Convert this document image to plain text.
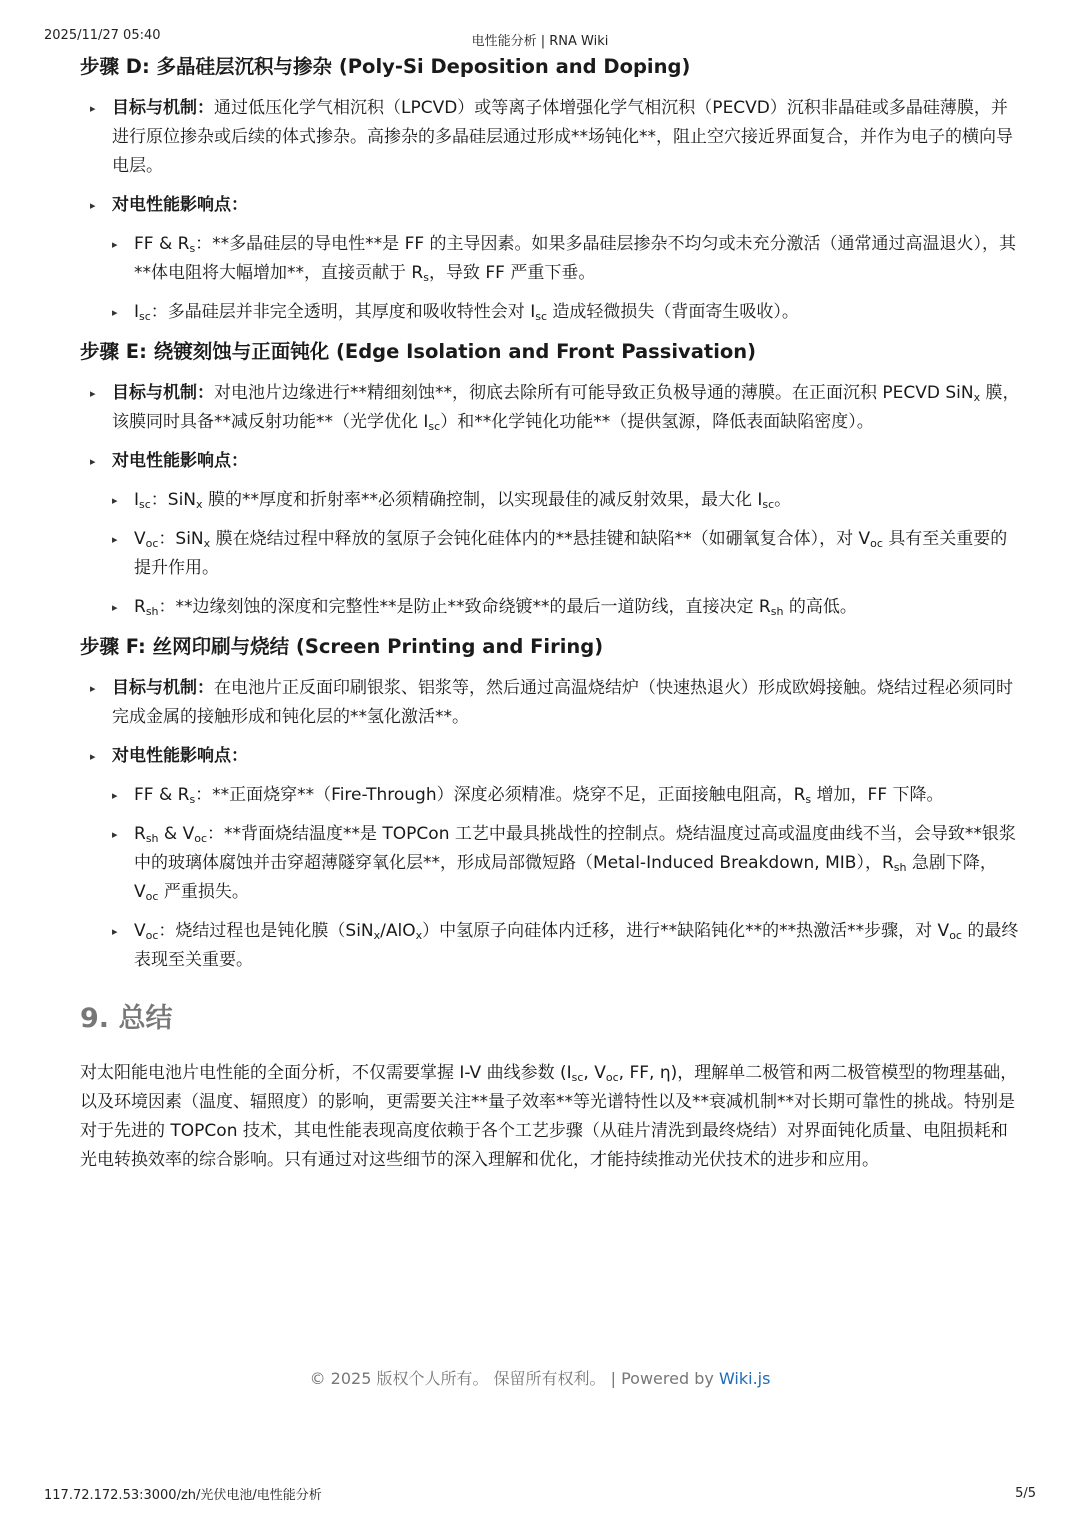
2025/11/27 05:40	电性能分析 | RNA Wiki
步骤 D: 多晶硅层沉积与掺杂 (Poly-Si Deposition and Doping)
▸ 目标与机制：通过低压化学气相沉积（LPCVD）或等离子体增强化学气相沉积（PECVD）沉积非晶硅或多晶硅薄膜，并进行原位掺杂或后续的体式掺杂。高掺杂的多晶硅层通过形成**场钝化**，阻止空穴接近界面复合，并作为电子的横向导电层。
▸ 对电性能影响点：
▸ FF & $R_s$：**多晶硅层的导电性**是 FF 的主导因素。如果多晶硅层掺杂不均匀或未充分激活（通常通过高温退火），其**体电阻将大幅增加**，直接贡献于 $R_s$，导致 FF 严重下垂。
▸ $I_{sc}$：多晶硅层并非完全透明，其厚度和吸收特性会对 $I_{sc}$ 造成轻微损失（背面寄生吸收）。
步骤 E: 绕镀刻蚀与正面钝化 (Edge Isolation and Front Passivation)
▸ 目标与机制：对电池片边缘进行**精细刻蚀**，彻底去除所有可能导致正负极导通的薄膜。在正面沉积 PECVD SiN$_x$ 膜，该膜同时具备**减反射功能**（光学优化 $I_{sc}$）和**化学钝化功能**（提供氢源，降低表面缺陷密度）。
▸ 对电性能影响点：
▸ $I_{sc}$：SiN$_x$ 膜的**厚度和折射率**必须精确控制，以实现最佳的减反射效果，最大化 $I_{sc}$。
▸ $V_{oc}$：SiN$_x$ 膜在烧结过程中释放的氢原子会钝化硅体内的**悬挂键和缺陷**（如硼氧复合体），对 $V_{oc}$ 具有至关重要的提升作用。
▸ $R_{sh}$：**边缘刻蚀的深度和完整性**是防止**致命绕镀**的最后一道防线，直接决定 $R_{sh}$ 的高低。
步骤 F: 丝网印刷与烧结 (Screen Printing and Firing)
▸ 目标与机制：在电池片正反面印刷银浆、铝浆等，然后通过高温烧结炉（快速热退火）形成欧姆接触。烧结过程必须同时完成金属的接触形成和钝化层的**氢化激活**。
▸ 对电性能影响点：
▸ FF & $R_s$：**正面烧穿**（Fire-Through）深度必须精准。烧穿不足，正面接触电阻高，$R_s$ 增加，FF 下降。
▸ $R_{sh}$ & $V_{oc}$：**背面烧结温度**是 TOPCon 工艺中最具挑战性的控制点。烧结温度过高或温度曲线不当，会导致**银浆中的玻璃体腐蚀并击穿超薄隧穿氧化层**，形成局部微短路（Metal-Induced Breakdown, MIB），$R_{sh}$ 急剧下降，$V_{oc}$ 严重损失。
▸ $V_{oc}$：烧结过程也是钝化膜（SiN$_x$/AlO$_x$）中氢原子向硅体内迁移，进行**缺陷钝化**的**热激活**步骤，对 $V_{oc}$ 的最终表现至关重要。
9. 总结

对太阳能电池片电性能的全面分析，不仅需要掌握 I-V 曲线参数 ($I_{sc}$, $V_{oc}$, FF, η)，理解单二极管和两二极管模型的物理基础，以及环境因素（温度、辐照度）的影响，更需要关注**量子效率**等光谱特性以及**衰减机制**对长期可靠性的挑战。特别是对于先进的 TOPCon 技术，其电性能表现高度依赖于各个工艺步骤（从硅片清洗到最终烧结）对界面钝化质量、电阻损耗和光电转换效率的综合影响。只有通过对这些细节的深入理解和优化，才能持续推动光伏技术的进步和应用。

© 2025 版权个人所有。 保留所有权利。 | Powered by Wiki.js
117.72.172.53:3000/zh/光伏电池/电性能分析	5/5
